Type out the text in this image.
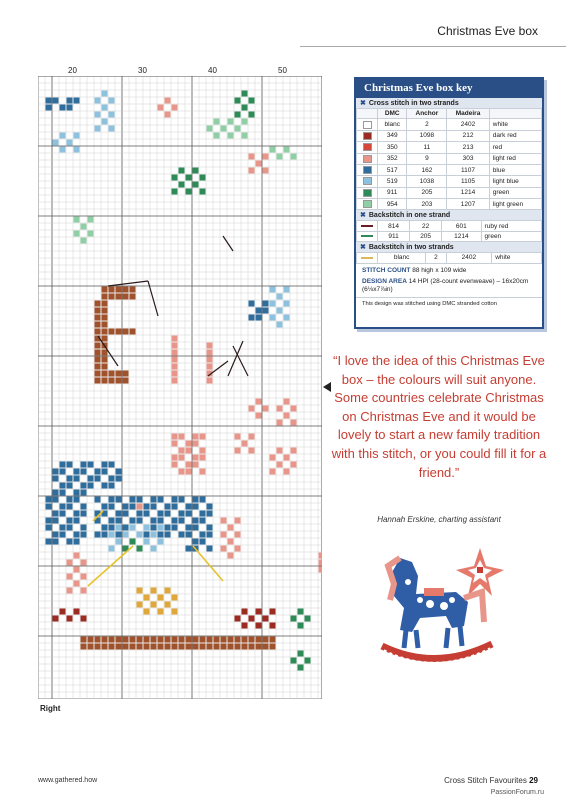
Christmas Eve box
20	30	40	50
Right
Christmas Eve box key
✖ Cross stitch in two strands
	DMC	Anchor	Madeira	
	blanc	2	2402	white
	349	1098	212	dark red
	350	11	213	red
	352	9	303	light red
	517	162	1107	blue
	519	1038	1105	light blue
	911	205	1214	green
	954	203	1207	light green
✖ Backstitch in one strand
	814	22	601	ruby red
	911	205	1214	green
✖ Backstitch in two strands
	blanc	2	2402	white
STITCH COUNT 88 high x 109 wide
DESIGN AREA 14 HPI (28-count evenweave) – 16x20cm (6⅛x7⅞in)
This design was stitched using DMC stranded cotton
“I love the idea of this Christmas Eve box – the colours will suit anyone. Some countries celebrate Christmas on Christmas Eve and it would be lovely to start a new family tradition with this stitch, or you could fill it for a friend.”
Hannah Erskine, charting assistant
www.gathered.how	Cross Stitch Favourites 29
PassionForum.ru
